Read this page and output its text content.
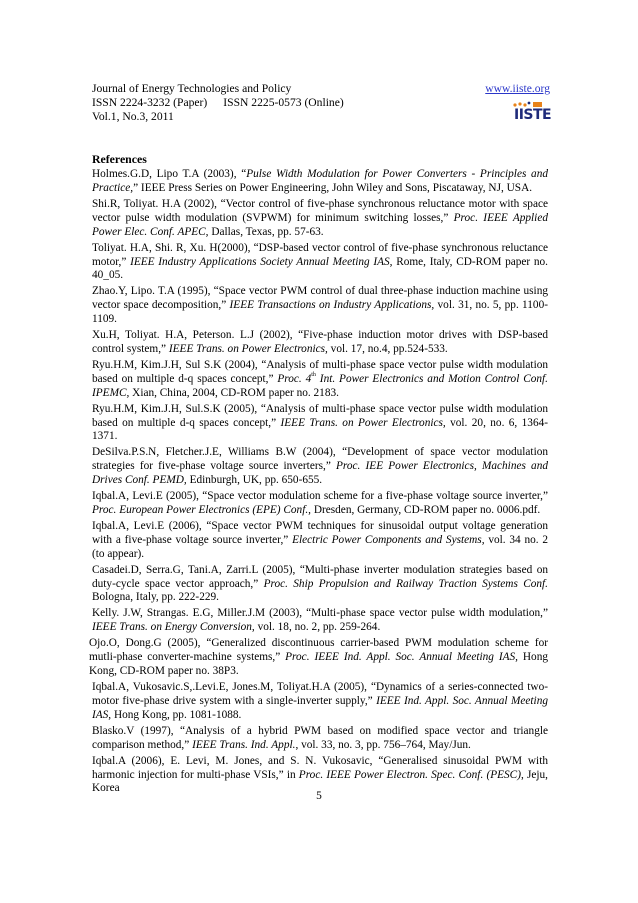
Journal of Energy Technologies and Policy
ISSN 2224-3232 (Paper) ISSN 2225-0573 (Online)
Vol.1, No.3, 2011
www.iiste.org
IISTE
References

Holmes.G.D, Lipo T.A (2003), “Pulse Width Modulation for Power Converters - Principles and Practice,” IEEE Press Series on Power Engineering, John Wiley and Sons, Piscataway, NJ, USA.

Shi.R, Toliyat. H.A (2002), “Vector control of five-phase synchronous reluctance motor with space vector pulse width modulation (SVPWM) for minimum switching losses,” Proc. IEEE Applied Power Elec. Conf. APEC, Dallas, Texas, pp. 57-63.

Toliyat. H.A, Shi. R, Xu. H(2000), “DSP-based vector control of five-phase synchronous reluctance motor,” IEEE Industry Applications Society Annual Meeting IAS, Rome, Italy, CD-ROM paper no. 40_05.

Zhao.Y, Lipo. T.A (1995), “Space vector PWM control of dual three-phase induction machine using vector space decomposition,” IEEE Transactions on Industry Applications, vol. 31, no. 5, pp. 1100-1109.

Xu.H, Toliyat. H.A, Peterson. L.J (2002), “Five-phase induction motor drives with DSP-based control system,” IEEE Trans. on Power Electronics, vol. 17, no.4, pp.524-533.

Ryu.H.M, Kim.J.H, Sul S.K (2004), “Analysis of multi-phase space vector pulse width modulation based on multiple d-q spaces concept,” Proc. 4th Int. Power Electronics and Motion Control Conf. IPEMC, Xian, China, 2004, CD-ROM paper no. 2183.

Ryu.H.M, Kim.J.H, Sul.S.K (2005), “Analysis of multi-phase space vector pulse width modulation based on multiple d-q spaces concept,” IEEE Trans. on Power Electronics, vol. 20, no. 6, 1364-1371.

DeSilva.P.S.N, Fletcher.J.E, Williams B.W (2004), “Development of space vector modulation strategies for five-phase voltage source inverters,” Proc. IEE Power Electronics, Machines and Drives Conf. PEMD, Edinburgh, UK, pp. 650-655.

Iqbal.A, Levi.E (2005), “Space vector modulation scheme for a five-phase voltage source inverter,” Proc. European Power Electronics (EPE) Conf., Dresden, Germany, CD-ROM paper no. 0006.pdf.

Iqbal.A, Levi.E (2006), “Space vector PWM techniques for sinusoidal output voltage generation with a five-phase voltage source inverter,” Electric Power Components and Systems, vol. 34 no. 2 (to appear).

Casadei.D, Serra.G, Tani.A, Zarri.L (2005), “Multi-phase inverter modulation strategies based on duty-cycle space vector approach,” Proc. Ship Propulsion and Railway Traction Systems Conf. Bologna, Italy, pp. 222-229.

Kelly. J.W, Strangas. E.G, Miller.J.M (2003), “Multi-phase space vector pulse width modulation,” IEEE Trans. on Energy Conversion, vol. 18, no. 2, pp. 259-264.

Ojo.O, Dong.G (2005), “Generalized discontinuous carrier-based PWM modulation scheme for mutli-phase converter-machine systems,” Proc. IEEE Ind. Appl. Soc. Annual Meeting IAS, Hong Kong, CD-ROM paper no. 38P3.

Iqbal.A, Vukosavic.S,.Levi.E, Jones.M, Toliyat.H.A (2005), “Dynamics of a series-connected two-motor five-phase drive system with a single-inverter supply,” IEEE Ind. Appl. Soc. Annual Meeting IAS, Hong Kong, pp. 1081-1088.

Blasko.V (1997), “Analysis of a hybrid PWM based on modified space vector and triangle comparison method,” IEEE Trans. Ind. Appl., vol. 33, no. 3, pp. 756–764, May/Jun.

Iqbal.A (2006), E. Levi, M. Jones, and S. N. Vukosavic, “Generalised sinusoidal PWM with harmonic injection for multi-phase VSIs,” in Proc. IEEE Power Electron. Spec. Conf. (PESC), Jeju, Korea

5
